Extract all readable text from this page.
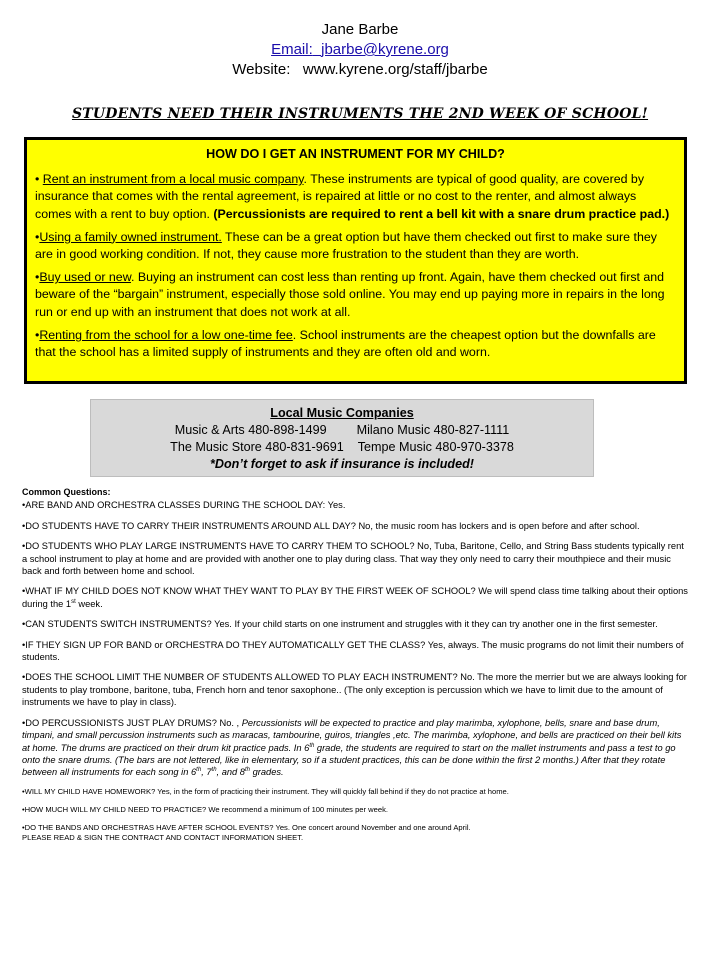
Jane Barbe
Email: jbarbe@kyrene.org
Website: www.kyrene.org/staff/jbarbe
STUDENTS NEED THEIR INSTRUMENTS THE 2ND WEEK OF SCHOOL!
HOW DO I GET AN INSTRUMENT FOR MY CHILD?

• Rent an instrument from a local music company. These instruments are typical of good quality, are covered by insurance that comes with the rental agreement, is repaired at little or no cost to the renter, and almost always comes with a rent to buy option. (Percussionists are required to rent a bell kit with a snare drum practice pad.)

•Using a family owned instrument. These can be a great option but have them checked out first to make sure they are in good working condition. If not, they cause more frustration to the student than they are worth.

•Buy used or new. Buying an instrument can cost less than renting up front. Again, have them checked out first and beware of the “bargain” instrument, especially those sold online. You may end up paying more in repairs in the long run or end up with an instrument that does not work at all.

•Renting from the school for a low one-time fee. School instruments are the cheapest option but the downfalls are that the school has a limited supply of instruments and they are often old and worn.

Local Music Companies
Music & Arts 480-898-1499 Milano Music 480-827-1111
The Music Store 480-831-9691 Tempe Music 480-970-3378
*Don’t forget to ask if insurance is included!
Common Questions:

•ARE BAND AND ORCHESTRA CLASSES DURING THE SCHOOL DAY: Yes.

•DO STUDENTS HAVE TO CARRY THEIR INSTRUMENTS AROUND ALL DAY? No, the music room has lockers and is open before and after school.

•DO STUDENTS WHO PLAY LARGE INSTRUMENTS HAVE TO CARRY THEM TO SCHOOL? No, Tuba, Baritone, Cello, and String Bass students typically rent a school instrument to play at home and are provided with another one to play during class. That way they only need to carry their mouthpiece and their music back and forth between home and school.

•WHAT IF MY CHILD DOES NOT KNOW WHAT THEY WANT TO PLAY BY THE FIRST WEEK OF SCHOOL? We will spend class time talking about their options during the 1st week.

•CAN STUDENTS SWITCH INSTRUMENTS? Yes. If your child starts on one instrument and struggles with it they can try another one in the first semester.

•IF THEY SIGN UP FOR BAND or ORCHESTRA DO THEY AUTOMATICALLY GET THE CLASS? Yes, always. The music programs do not limit their numbers of students.

•DOES THE SCHOOL LIMIT THE NUMBER OF STUDENTS ALLOWED TO PLAY EACH INSTRUMENT? No. The more the merrier but we are always looking for students to play trombone, baritone, tuba, French horn and tenor saxophone.. (The only exception is percussion which we have to limit due to the amount of instruments we have to play in class).

•DO PERCUSSIONISTS JUST PLAY DRUMS? No. , Percussionists will be expected to practice and play marimba, xylophone, bells, snare and base drum, timpani, and small percussion instruments such as maracas, tambourine, guiros, triangles ,etc. The marimba, xylophone, and bells are practiced on their bell kits at home. The drums are practiced on their drum kit practice pads. In 6th grade, the students are required to start on the mallet instruments and pass a test to go onto the snare drums. (The bars are not lettered, like in elementary, so if a student practices, this can be done within the first 2 months.) After that they rotate between all instruments for each song in 6th, 7th, and 8th grades.

•WILL MY CHILD HAVE HOMEWORK? Yes, in the form of practicing their instrument. They will quickly fall behind if they do not practice at home.

•HOW MUCH WILL MY CHILD NEED TO PRACTICE? We recommend a minimum of 100 minutes per week.

•DO THE BANDS AND ORCHESTRAS HAVE AFTER SCHOOL EVENTS? Yes. One concert around November and one around April.
PLEASE READ & SIGN THE CONTRACT AND CONTACT INFORMATION SHEET.
